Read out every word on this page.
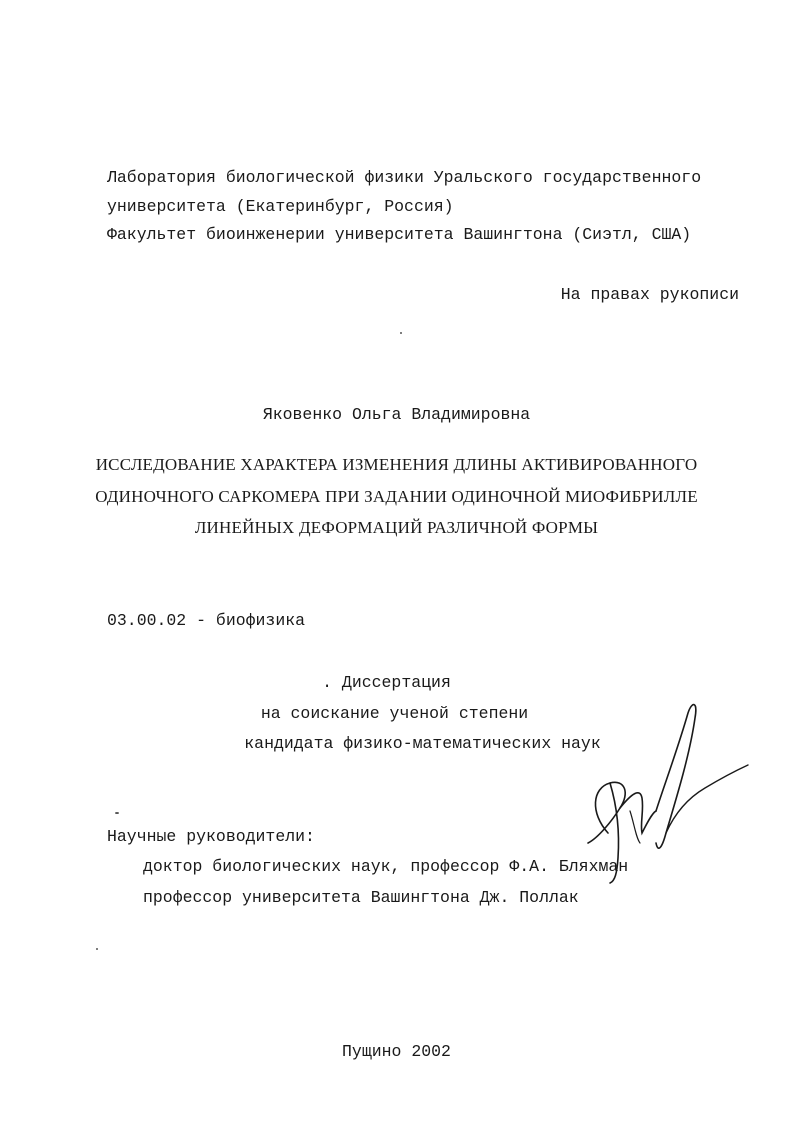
Лаборатория биологической физики Уральского государственного
университета (Екатеринбург, Россия)
Факультет биоинженерии университета Вашингтона (Сиэтл, США)
На правах рукописи
Яковенко Ольга Владимировна
ИССЛЕДОВАНИЕ ХАРАКТЕРА ИЗМЕНЕНИЯ ДЛИНЫ АКТИВИРОВАННОГО
ОДИНОЧНОГО САРКОМЕРА ПРИ ЗАДАНИИ ОДИНОЧНОЙ МИОФИБРИЛЛЕ
ЛИНЕЙНЫХ ДЕФОРМАЦИЙ РАЗЛИЧНОЙ ФОРМЫ
03.00.02 - биофизика
. Диссертация
на соискание ученой степени
кандидата физико-математических наук
Научные руководители:
доктор биологических наук, профессор Ф.А. Бляхман
профессор университета Вашингтона Дж. Поллак
Пущино 2002
